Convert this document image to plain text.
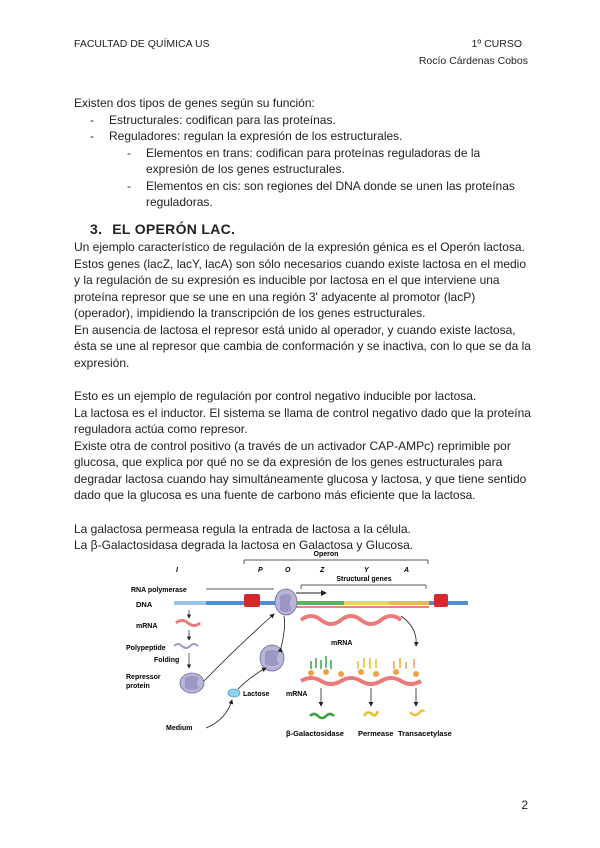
FACULTAD DE QUÍMICA US	1º CURSO
Rocío Cárdenas Cobos

Existen dos tipos de genes según su función:

- Estructurales: codifican para las proteínas.
- Reguladores: regulan la expresión de los estructurales.
- Elementos en trans: codifican para proteínas reguladoras de la expresión de los genes estructurales.
- Elementos en cis: son regiones del DNA donde se unen las proteínas reguladoras.
3. EL OPERÓN LAC.

Un ejemplo característico de regulación de la expresión génica es el Operón lactosa. Estos genes (lacZ, lacY, lacA) son sólo necesarios cuando existe lactosa en el medio y la regulación de su expresión es inducible por lactosa en el que interviene una proteína represor que se une en una región 3' adyacente al promotor (lacP) (operador), impidiendo la transcripción de los genes estructurales.

En ausencia de lactosa el represor está unido al operador, y cuando existe lactosa, ésta se une al represor que cambia de conformación y se inactiva, con lo que se da la expresión.

Esto es un ejemplo de regulación por control negativo inducible por lactosa.

La lactosa es el inductor. El sistema se llama de control negativo dado que la proteína reguladora actúa como represor.

Existe otra de control positivo (a través de un activador CAP-AMPc) reprimible por glucosa, que explica por qué no se da expresión de los genes estructurales para degradar lactosa cuando hay simultáneamente glucosa y lactosa, y que tiene sentido dado que la glucosa es una fuente de carbono más eficiente que la lactosa.

La galactosa permeasa regula la entrada de lactosa a la célula.

La β-Galactosidasa degrada la lactosa en Galactosa y Glucosa.

Operon
I	P	O	Z	Y	A
Structural genes
RNA polymerase
DNA
mRNA
Polypeptide
Folding
Repressor
protein
Lactose
Medium
mRNA
mRNA
β-Galactosidase Permease Transacetylase
2
